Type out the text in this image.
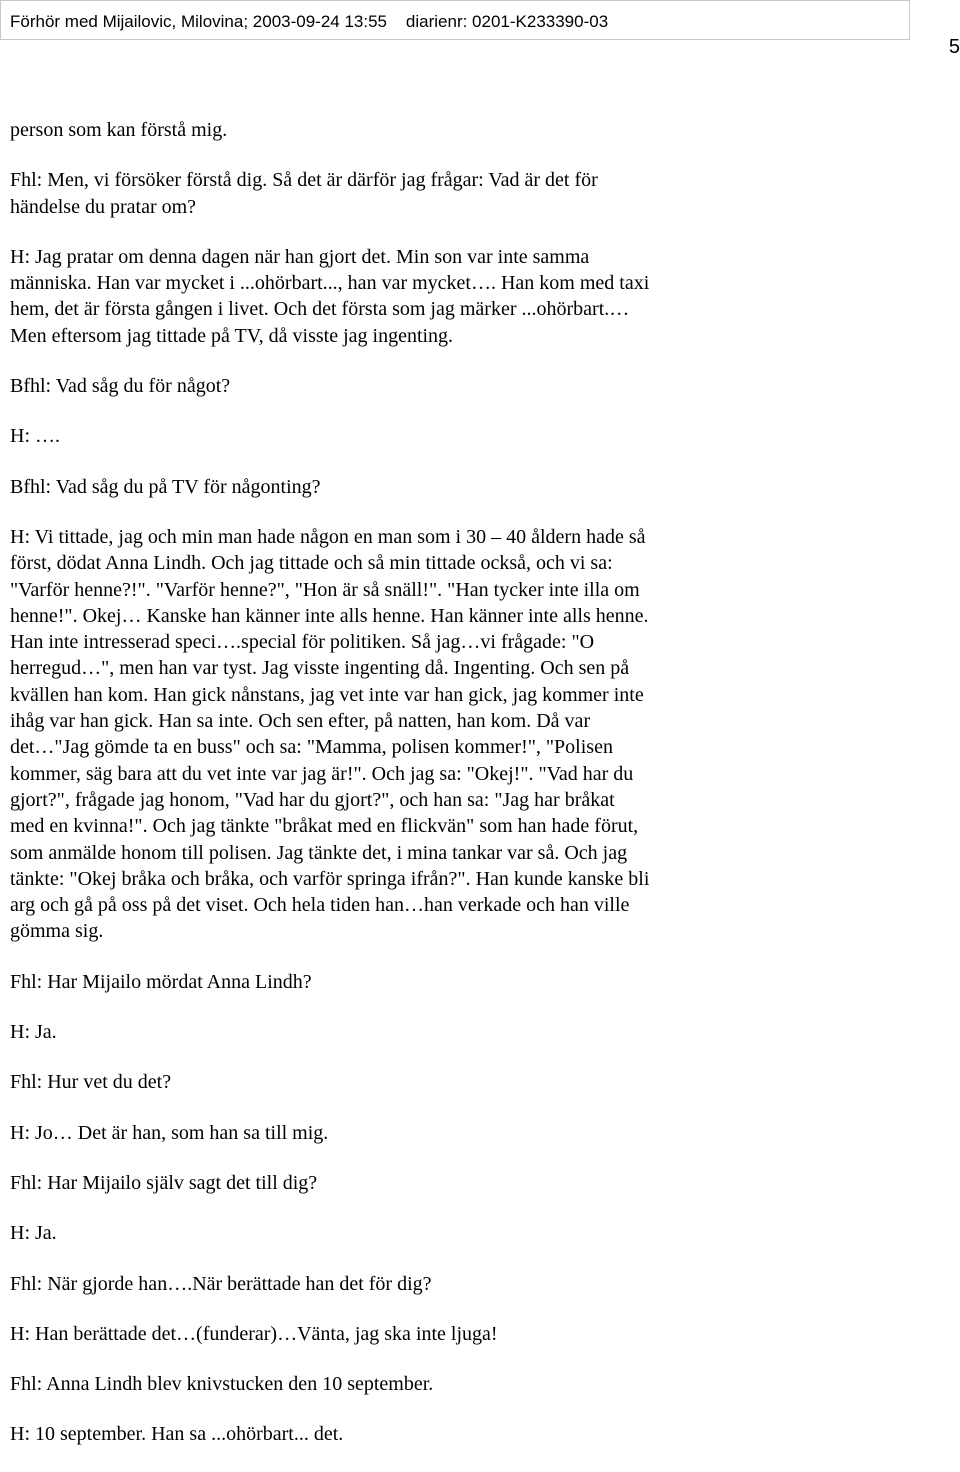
Förhör med Mijailovic, Milovina; 2003-09-24 13:55    diarienr: 0201-K233390-03
5

person som kan förstå mig.

Fhl: Men, vi försöker förstå dig. Så det är därför jag frågar: Vad är det för
händelse du pratar om?

H: Jag pratar om denna dagen när han gjort det. Min son var inte samma
människa. Han var mycket i ...ohörbart..., han var mycket…. Han kom med taxi
hem, det är första gången i livet. Och det första som jag märker ...ohörbart.…
Men eftersom jag tittade på TV, då visste jag ingenting.

Bfhl: Vad såg du för något?

H: ….

Bfhl: Vad såg du på TV för någonting?

H: Vi tittade, jag och min man hade någon en man som i 30 – 40 åldern hade så
först, dödat Anna Lindh. Och jag tittade och så min tittade också, och vi sa:
"Varför henne?!". "Varför henne?", "Hon är så snäll!". "Han tycker inte illa om
henne!". Okej… Kanske han känner inte alls henne. Han känner inte alls henne.
Han inte intresserad speci….special för politiken. Så jag…vi frågade: "O
herregud…", men han var tyst. Jag visste ingenting då. Ingenting. Och sen på
kvällen han kom. Han gick nånstans, jag vet inte var han gick, jag kommer inte
ihåg var han gick. Han sa inte. Och sen efter, på natten, han kom. Då var
det…"Jag gömde ta en buss" och sa: "Mamma, polisen kommer!", "Polisen
kommer, säg bara att du vet inte var jag är!". Och jag sa: "Okej!". "Vad har du
gjort?", frågade jag honom, "Vad har du gjort?", och han sa: "Jag har bråkat
med en kvinna!". Och jag tänkte "bråkat med en flickvän" som han hade förut,
som anmälde honom till polisen. Jag tänkte det, i mina tankar var så. Och jag
tänkte: "Okej bråka och bråka, och varför springa ifrån?". Han kunde kanske bli
arg och gå på oss på det viset. Och hela tiden han…han verkade och han ville
gömma sig.

Fhl: Har Mijailo mördat Anna Lindh?

H: Ja.

Fhl: Hur vet du det?

H: Jo… Det är han, som han sa till mig.

Fhl: Har Mijailo själv sagt det till dig?

H: Ja.

Fhl: När gjorde han….När berättade han det för dig?

H: Han berättade det…(funderar)…Vänta, jag ska inte ljuga!

Fhl: Anna Lindh blev knivstucken den 10 september.

H: 10 september. Han sa ...ohörbart... det.
